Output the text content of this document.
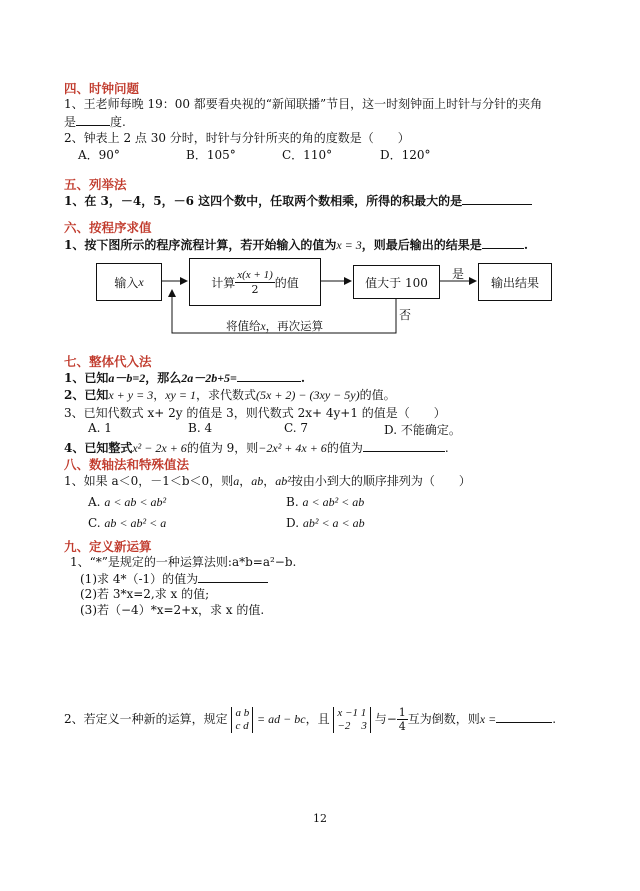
四、时钟问题
1、王老师每晚 19：00 都要看央视的“新闻联播”节目，这一时刻钟面上时针与分针的夹角
是	度.
2、钟表上 2 点 30 分时，时针与分针所夹的角的度数是（　　）
A．90°	B．105°	C．110°	D．120°
五、列举法
1、在 3，－4，5，－6 这四个数中，任取两个数相乘，所得的积最大的是
六、按程序求值
1、按下图所示的程序流程计算，若开始输入的值为x = 3，则最后输出的结果是	.
输入 x	计算 $\frac{x(x + 1)}{2}$ 的值	值大于 100
是
输出结果
否
将值给x，再次运算
七、整体代入法
1、已知a－b=2，那么2a－2b+5=	.
2、已知x + y = 3，xy = 1，求代数式(5x + 2) − (3xy − 5y)的值。
3、已知代数式 x+ 2y 的值是 3，则代数式 2x+ 4y+1 的值是（　　）
A. 1	B. 4	C. 7	D. 不能确定。
4、已知整式x² − 2x + 6的值为 9，则−2x² + 4x + 6的值为	.
八、数轴法和特殊值法
1、如果 a＜0，－1＜b＜0，则a，ab，ab²按由小到大的顺序排列为（　　）
A. a < ab < ab²	B. a < ab² < ab
C. ab < ab² < a	D. ab² < a < ab
九、定义新运算
1、“*”是规定的一种运算法则:a*b=a²−b.
(1)求 4*（-1）的值为
(2)若 3*x=2,求 x 的值;
(3)若（−4）*x=2+x，求 x 的值.
2、若定义一种新的运算，规定 a b
c d = ad − bc，且 x −1 1
−2　3 与− $\frac{1}{4}$ 互为倒数，则x =	.
12
